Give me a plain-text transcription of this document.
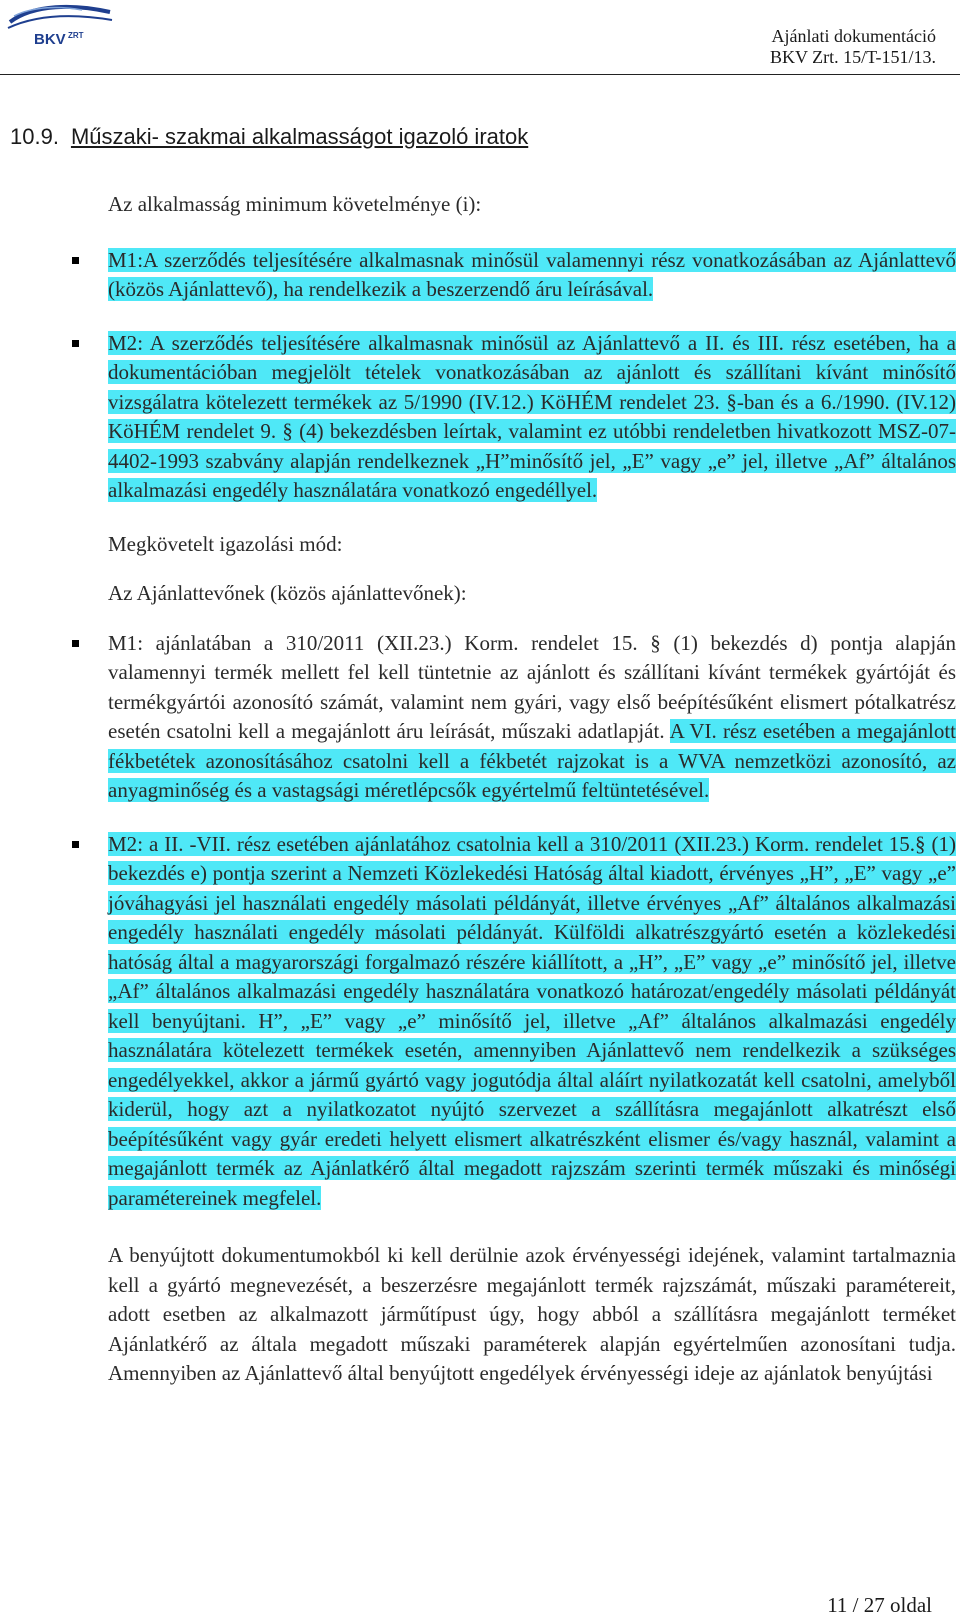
BKV ZRT	Ajánlati dokumentáció
BKV Zrt. 15/T-151/13.
10.9. Műszaki- szakmai alkalmasságot igazoló iratok

Az alkalmasság minimum követelménye (i):

M1:A szerződés teljesítésére alkalmasnak minősül valamennyi rész vonatkozásában az Ajánlattevő (közös Ajánlattevő), ha rendelkezik a beszerzendő áru leírásával.

M2: A szerződés teljesítésére alkalmasnak minősül az Ajánlattevő a II. és III. rész esetében, ha a dokumentációban megjelölt tételek vonatkozásában az ajánlott és szállítani kívánt minősítő vizsgálatra kötelezett termékek az 5/1990 (IV.12.) KöHÉM rendelet 23. §-ban és a 6./1990. (IV.12) KöHÉM rendelet 9. § (4) bekezdésben leírtak, valamint ez utóbbi rendeletben hivatkozott MSZ-07-4402-1993 szabvány alapján rendelkeznek „H”minősítő jel, „E” vagy „e” jel, illetve „Af” általános alkalmazási engedély használatára vonatkozó engedéllyel.

Megkövetelt igazolási mód:

Az Ajánlattevőnek (közös ajánlattevőnek):

M1: ajánlatában a 310/2011 (XII.23.) Korm. rendelet 15. § (1) bekezdés d) pontja alapján valamennyi termék mellett fel kell tüntetnie az ajánlott és szállítani kívánt termékek gyártóját és termékgyártói azonosító számát, valamint nem gyári, vagy első beépítésűként elismert pótalkatrész esetén csatolni kell a megajánlott áru leírását, műszaki adatlapját. A VI. rész esetében a megajánlott fékbetétek azonosításához csatolni kell a fékbetét rajzokat is a WVA nemzetközi azonosító, az anyagminőség és a vastagsági méretlépcsők egyértelmű feltüntetésével.

M2: a II. -VII. rész esetében ajánlatához csatolnia kell a 310/2011 (XII.23.) Korm. rendelet 15.§ (1) bekezdés e) pontja szerint a Nemzeti Közlekedési Hatóság által kiadott, érvényes „H”, „E” vagy „e” jóváhagyási jel használati engedély másolati példányát, illetve érvényes „Af” általános alkalmazási engedély használati engedély másolati példányát. Külföldi alkatrészgyártó esetén a közlekedési hatóság által a magyarországi forgalmazó részére kiállított, a „H”, „E” vagy „e” minősítő jel, illetve „Af” általános alkalmazási engedély használatára vonatkozó határozat/engedély másolati példányát kell benyújtani. H”, „E” vagy „e” minősítő jel, illetve „Af” általános alkalmazási engedély használatára kötelezett termékek esetén, amennyiben Ajánlattevő nem rendelkezik a szükséges engedélyekkel, akkor a jármű gyártó vagy jogutódja által aláírt nyilatkozatát kell csatolni, amelyből kiderül, hogy azt a nyilatkozatot nyújtó szervezet a szállításra megajánlott alkatrészt első beépítésűként vagy gyár eredeti helyett elismert alkatrészként elismer és/vagy használ, valamint a megajánlott termék az Ajánlatkérő által megadott rajzszám szerinti termék műszaki és minőségi paramétereinek megfelel.

A benyújtott dokumentumokból ki kell derülnie azok érvényességi idejének, valamint tartalmaznia kell a gyártó megnevezését, a beszerzésre megajánlott termék rajzszámát, műszaki paramétereit, adott esetben az alkalmazott járműtípust úgy, hogy abból a szállításra megajánlott terméket Ajánlatkérő az általa megadott műszaki paraméterek alapján egyértelműen azonosítani tudja. Amennyiben az Ajánlattevő által benyújtott engedélyek érvényességi ideje az ajánlatok benyújtási

11 / 27 oldal
